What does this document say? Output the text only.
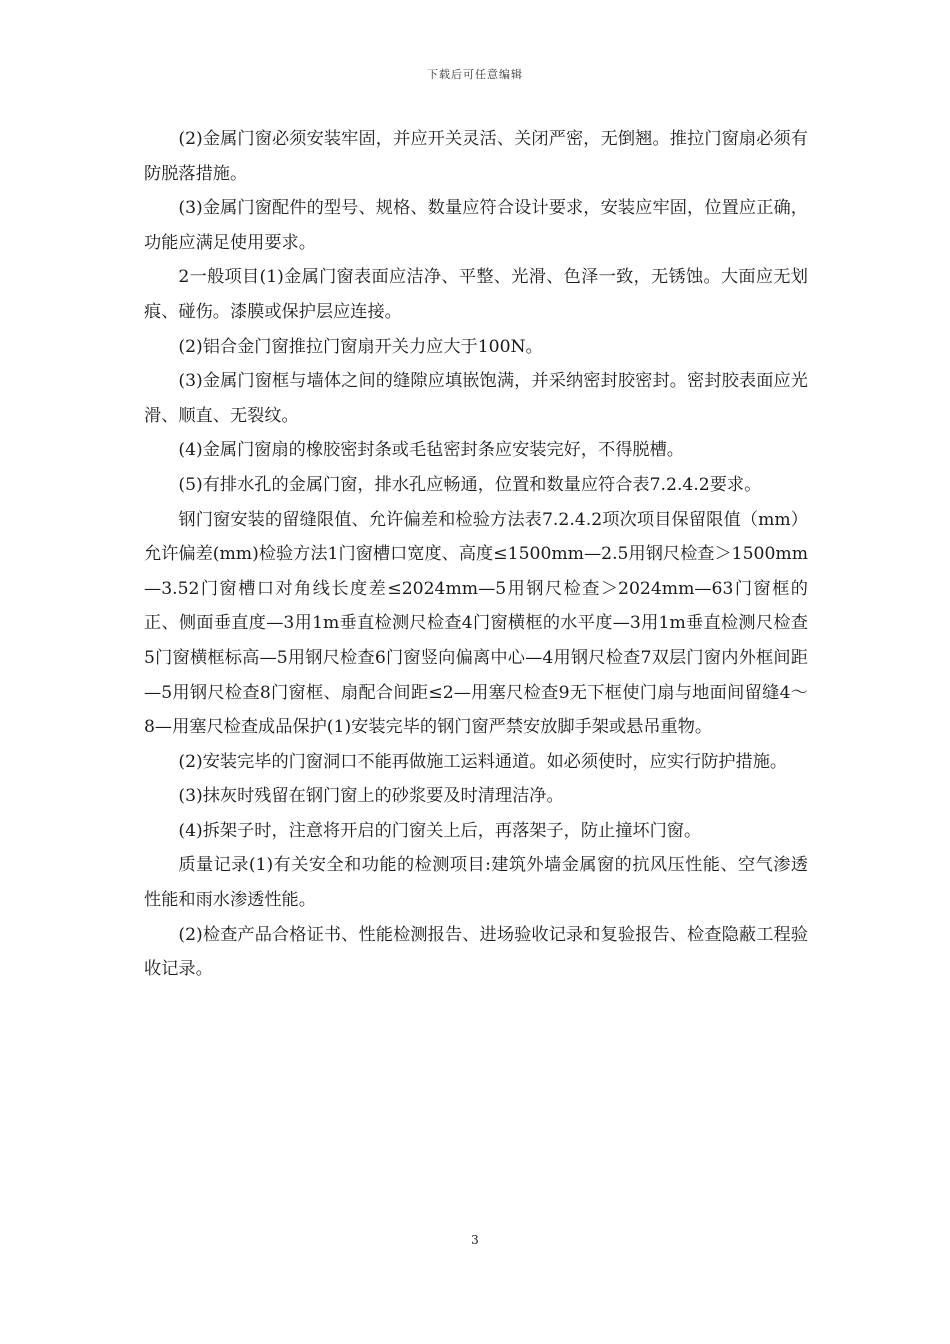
下载后可任意编辑

(2)金属门窗必须安装牢固，并应开关灵活、关闭严密，无倒翘。推拉门窗扇必须有防脱落措施。

(3)金属门窗配件的型号、规格、数量应符合设计要求，安装应牢固，位置应正确，功能应满足使用要求。

2一般项目(1)金属门窗表面应洁净、平整、光滑、色泽一致，无锈蚀。大面应无划痕、碰伤。漆膜或保护层应连接。

(2)铝合金门窗推拉门窗扇开关力应大于100N。

(3)金属门窗框与墙体之间的缝隙应填嵌饱满，并采纳密封胶密封。密封胶表面应光滑、顺直、无裂纹。

(4)金属门窗扇的橡胶密封条或毛毡密封条应安装完好，不得脱槽。

(5)有排水孔的金属门窗，排水孔应畅通，位置和数量应符合表7.2.4.2要求。

钢门窗安装的留缝限值、允许偏差和检验方法表7.2.4.2项次项目保留限值（mm）允许偏差(mm)检验方法1门窗槽口宽度、高度≤1500mm—2.5用钢尺检查＞1500mm—3.52门窗槽口对角线长度差≤2024mm—5用钢尺检查＞2024mm—63门窗框的正、侧面垂直度—3用1m垂直检测尺检查4门窗横框的水平度—3用1m垂直检测尺检查5门窗横框标高—5用钢尺检查6门窗竖向偏离中心—4用钢尺检查7双层门窗内外框间距—5用钢尺检查8门窗框、扇配合间距≤2—用塞尺检查9无下框使门扇与地面间留缝4～8—用塞尺检查成品保护(1)安装完毕的钢门窗严禁安放脚手架或悬吊重物。

(2)安装完毕的门窗洞口不能再做施工运料通道。如必须使时，应实行防护措施。

(3)抹灰时残留在钢门窗上的砂浆要及时清理洁净。

(4)拆架子时，注意将开启的门窗关上后，再落架子，防止撞坏门窗。

质量记录(1)有关安全和功能的检测项目:建筑外墙金属窗的抗风压性能、空气渗透性能和雨水渗透性能。

(2)检查产品合格证书、性能检测报告、进场验收记录和复验报告、检查隐蔽工程验收记录。

3
